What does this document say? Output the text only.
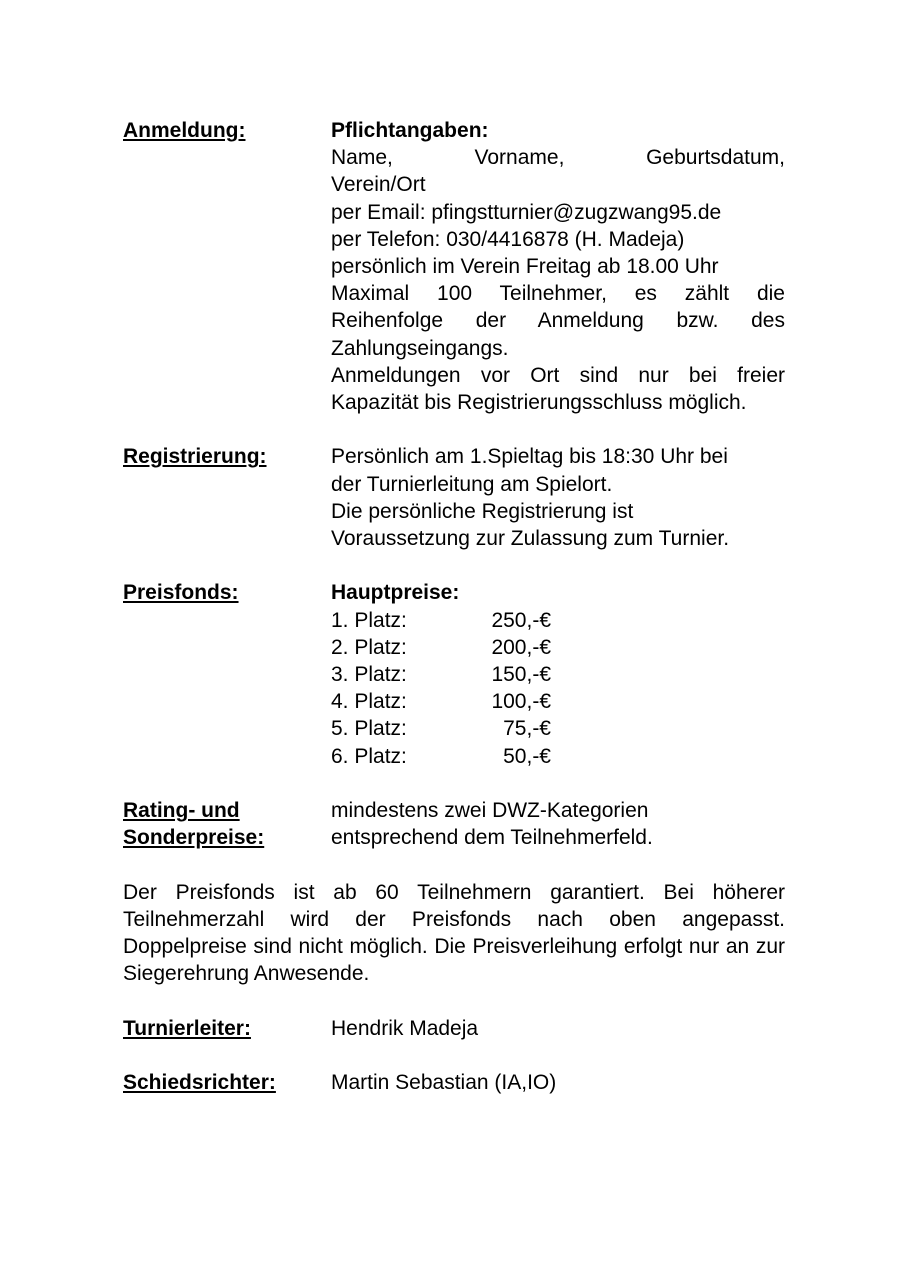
Anmeldung:	Pflichtangaben:
Name, Vorname, Geburtsdatum,
Verein/Ort
per Email: pfingstturnier@zugzwang95.de
per Telefon: 030/4416878 (H. Madeja)
persönlich im Verein Freitag ab 18.00 Uhr
Maximal 100 Teilnehmer, es zählt die Reihenfolge der Anmeldung bzw. des Zahlungseingangs.
Anmeldungen vor Ort sind nur bei freier Kapazität bis Registrierungsschluss möglich.
Registrierung:	Persönlich am 1.Spieltag bis 18:30 Uhr bei
der Turnierleitung am Spielort.
Die persönliche Registrierung ist
Voraussetzung zur Zulassung zum Turnier.
Preisfonds:	Hauptpreise:
1. Platz:	250,-€
2. Platz:	200,-€
3. Platz:	150,-€
4. Platz:	100,-€
5. Platz:	75,-€
6. Platz:	50,-€
Rating- und
Sonderpreise:
mindestens zwei DWZ-Kategorien
entsprechend dem Teilnehmerfeld.
Der Preisfonds ist ab 60 Teilnehmern garantiert. Bei höherer Teilnehmerzahl wird der Preisfonds nach oben angepasst. Doppelpreise sind nicht möglich. Die Preisverleihung erfolgt nur an zur Siegerehrung Anwesende.
Turnierleiter:	Hendrik Madeja
Schiedsrichter:	Martin Sebastian (IA,IO)
